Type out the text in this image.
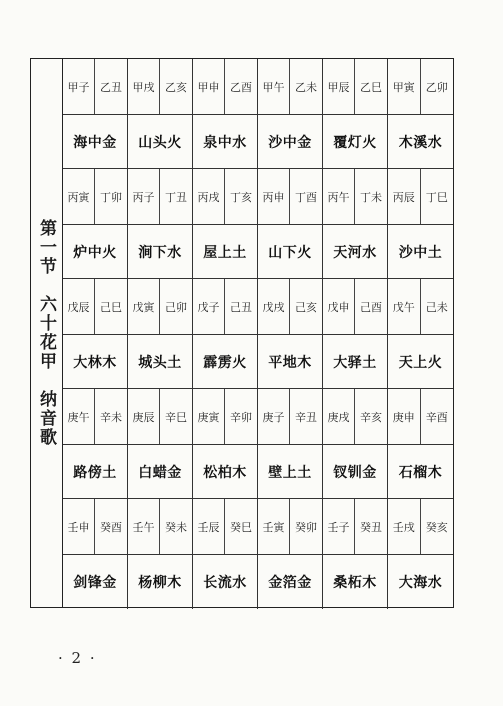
第一节　六十花甲　纳音歌
甲子 乙丑 甲戌 乙亥 甲申 乙酉 甲午 乙未 甲辰 乙巳 甲寅	乙卯
海中金	山头火	泉中水	沙中金	覆灯火	木溪水
丙寅 丁卯 丙子 丁丑 丙戌 丁亥 丙申 丁酉 丙午 丁未 丙辰	丁巳
炉中火	涧下水	屋上土	山下火	天河水	沙中土
戊辰 己巳 戊寅 己卯 戊子 己丑 戊戌 己亥 戊申 己酉 戊午	己未
大林木	城头土	霹雳火	平地木	大驿土	天上火
庚午 辛未 庚辰 辛巳 庚寅 辛卯 庚子 辛丑 庚戌 辛亥 庚申	辛酉
路傍土	白蜡金	松柏木	壁上土	钗钏金	石榴木
壬申 癸酉 壬午 癸未 壬辰 癸巳 壬寅 癸卯 壬子 癸丑 壬戌	癸亥
剑锋金	杨柳木	长流水	金箔金	桑柘木	大海水
· 2 ·
